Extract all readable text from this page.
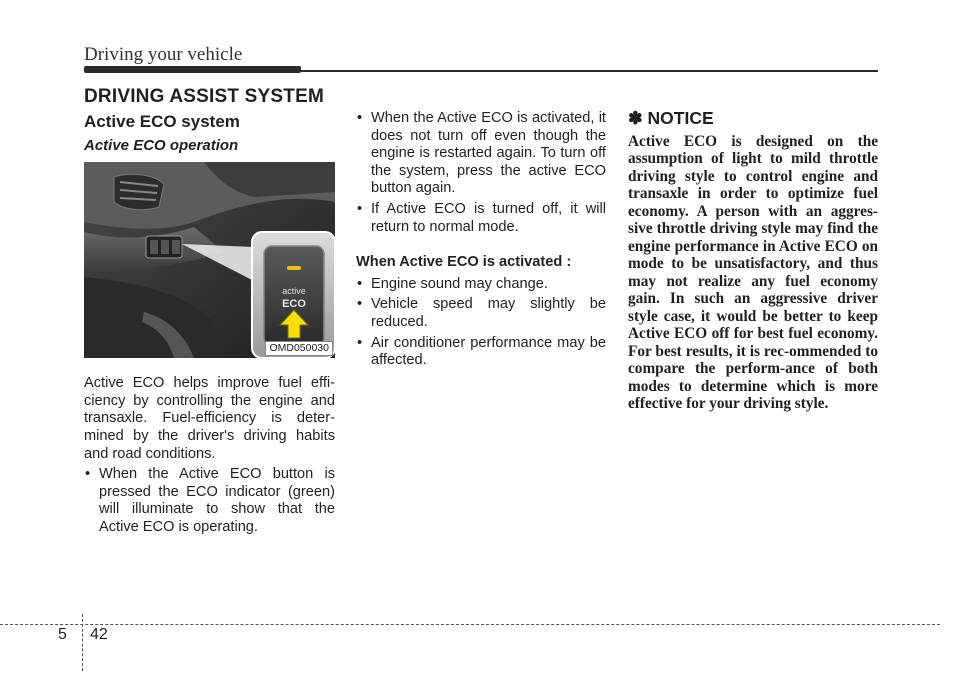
Driving your vehicle
DRIVING ASSIST SYSTEM
Active ECO system
Active ECO operation
active
ECO
OMD050030

Active ECO helps improve fuel effi-ciency by controlling the engine and transaxle. Fuel-efficiency is deter-mined by the driver's driving habits and road conditions.

• When the Active ECO button is pressed the ECO indicator (green) will illuminate to show that the Active ECO is operating.
• When the Active ECO is activated, it does not turn off even though the engine is restarted again. To turn off the system, press the active ECO button again.
• If Active ECO is turned off, it will return to normal mode.
When Active ECO is activated :
• Engine sound may change.
• Vehicle speed may slightly be reduced.
• Air conditioner performance may be affected.
✽ NOTICE
Active ECO is designed on the assumption of light to mild throttle driving style to control engine and transaxle in order to optimize fuel economy. A person with an aggres-sive throttle driving style may find the engine performance in Active ECO on mode to be unsatisfactory, and thus may not realize any fuel economy gain. In such an aggressive driver style case, it would be better to keep Active ECO off for best fuel economy. For best results, it is rec-ommended to compare the perform-ance of both modes to determine which is more effective for your driving style.
5 42
